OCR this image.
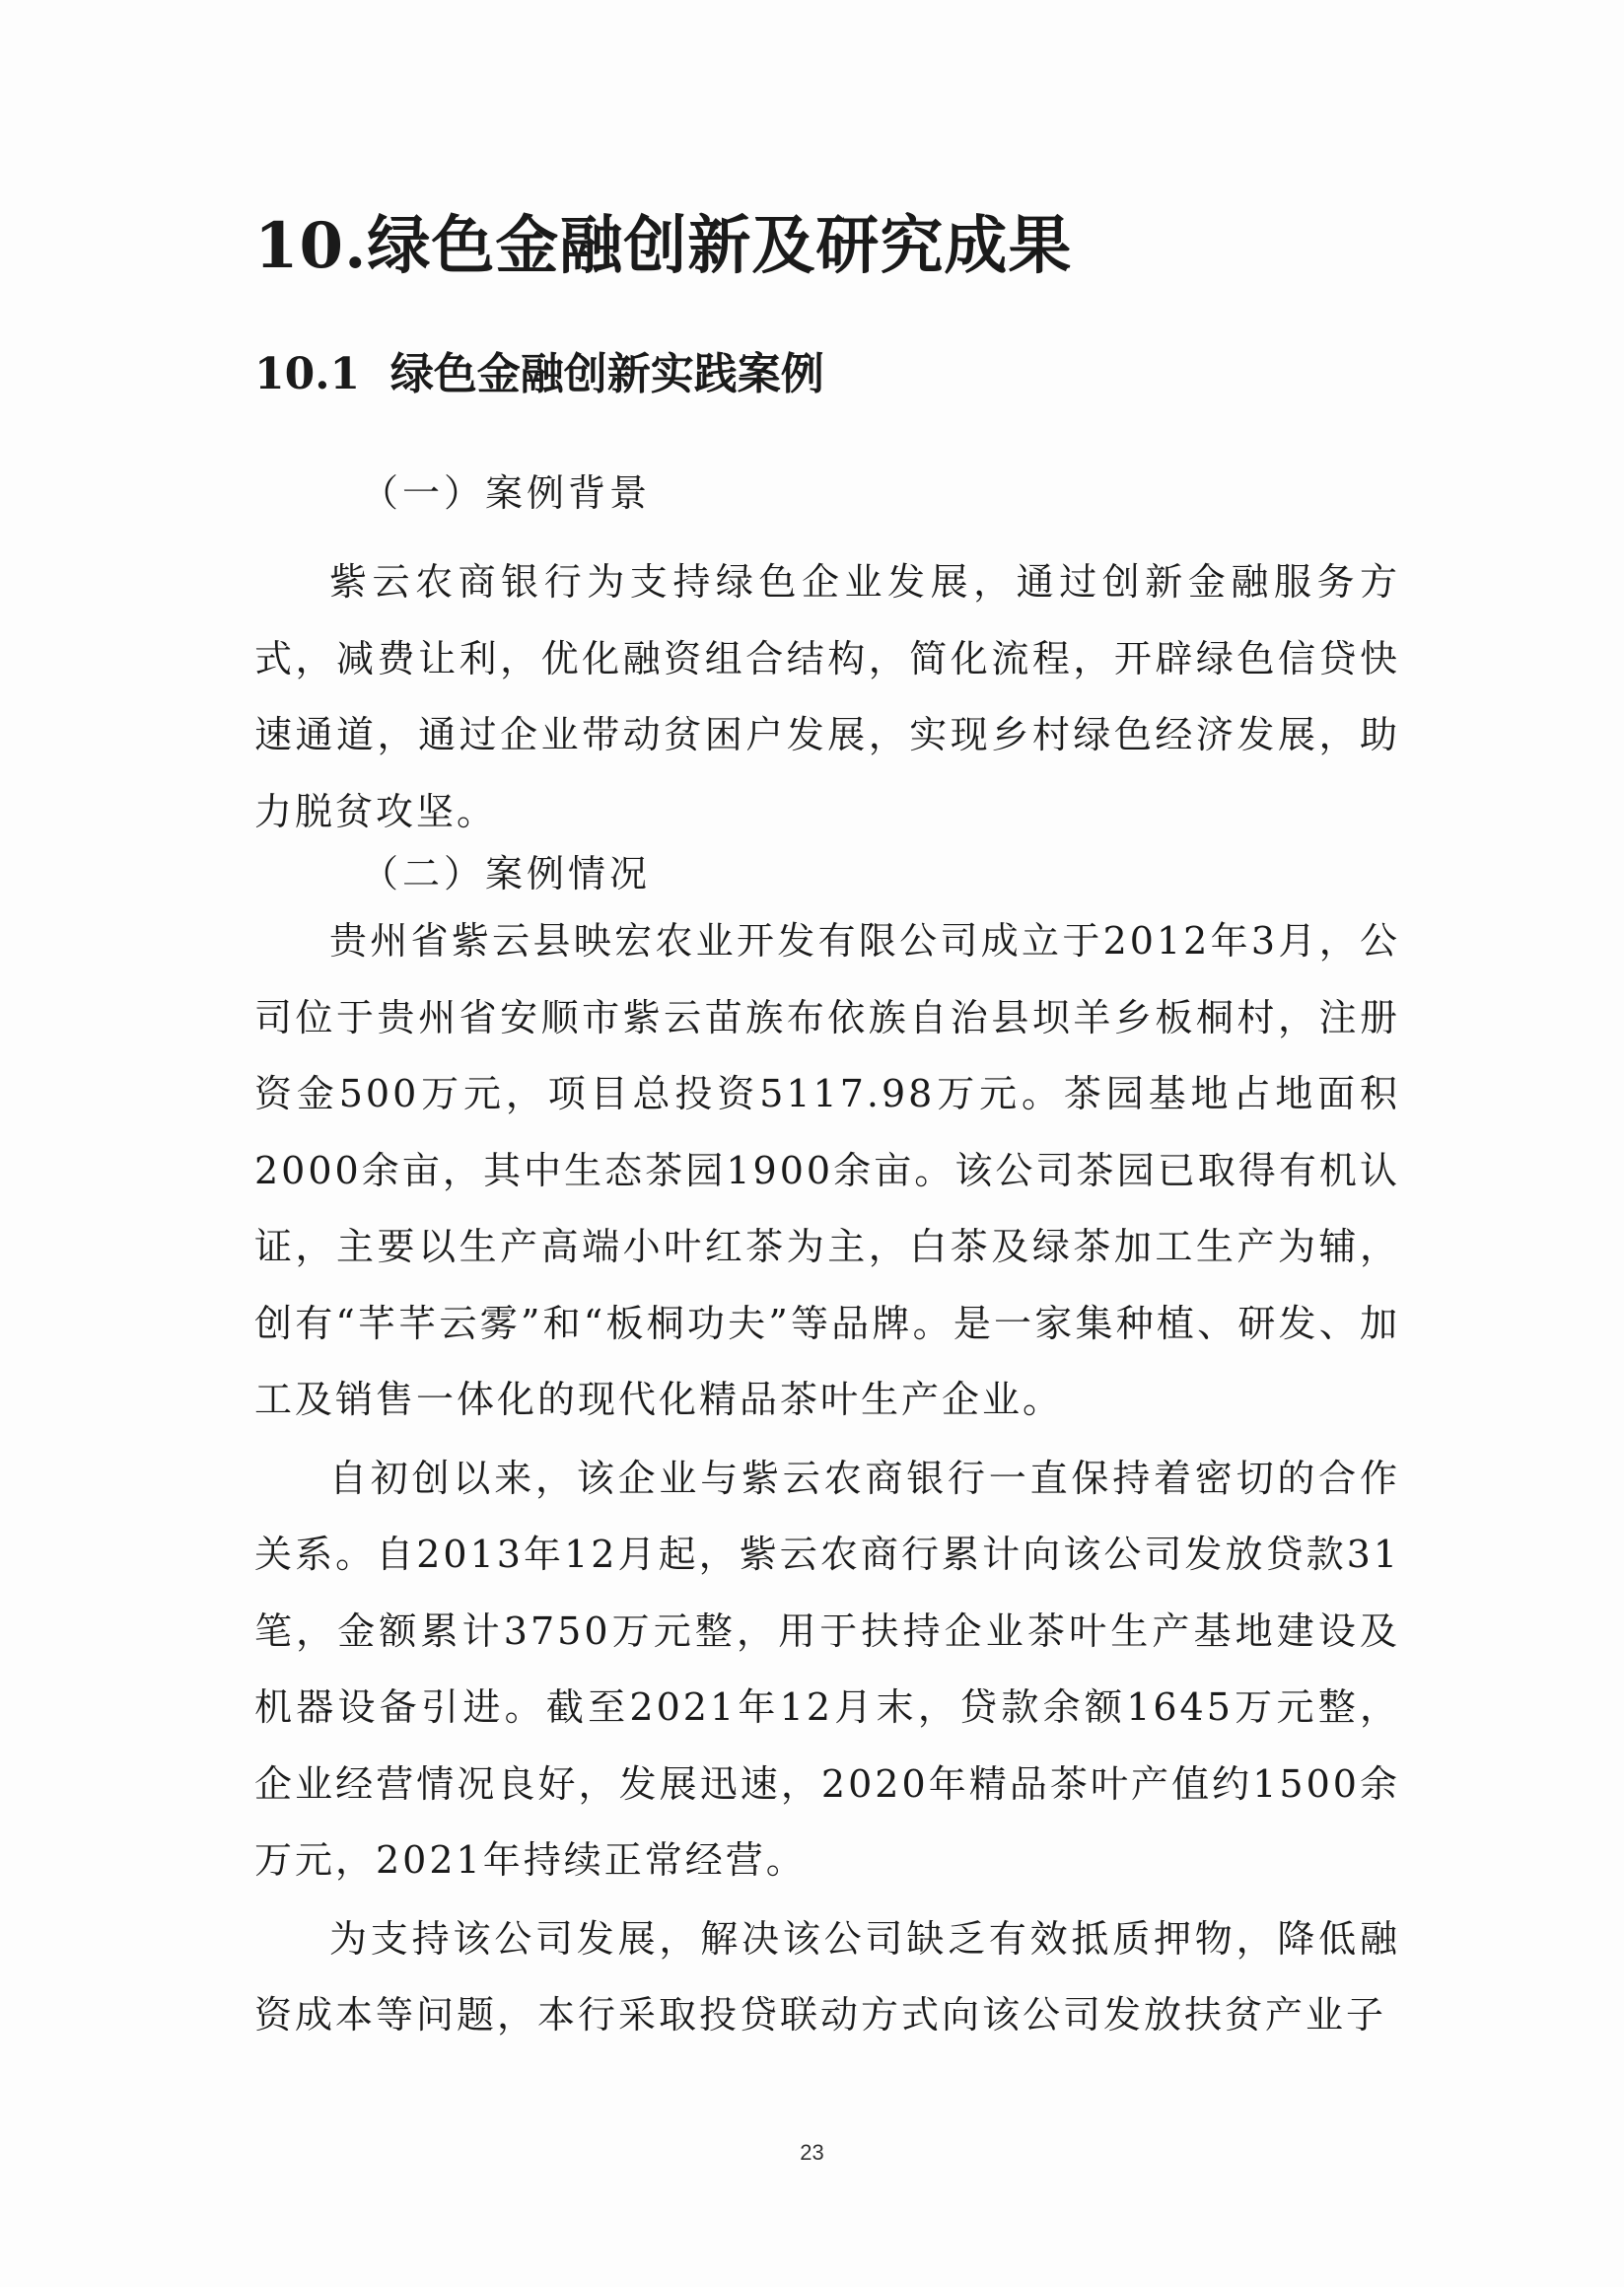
10.绿色金融创新及研究成果
10.1 绿色金融创新实践案例
（一）案例背景

紫云农商银行为支持绿色企业发展，通过创新金融服务方式，减费让利，优化融资组合结构，简化流程，开辟绿色信贷快速通道，通过企业带动贫困户发展，实现乡村绿色经济发展，助力脱贫攻坚。

（二）案例情况

贵州省紫云县映宏农业开发有限公司成立于2012年3月，公司位于贵州省安顺市紫云苗族布依族自治县坝羊乡板桐村，注册资金500万元，项目总投资5117.98万元。茶园基地占地面积2000余亩，其中生态茶园1900余亩。该公司茶园已取得有机认证，主要以生产高端小叶红茶为主，白茶及绿茶加工生产为辅，创有“芊芊云雾”和“板桐功夫”等品牌。是一家集种植、研发、加工及销售一体化的现代化精品茶叶生产企业。

自初创以来，该企业与紫云农商银行一直保持着密切的合作关系。自2013年12月起，紫云农商行累计向该公司发放贷款31笔，金额累计3750万元整，用于扶持企业茶叶生产基地建设及机器设备引进。截至2021年12月末，贷款余额1645万元整，企业经营情况良好，发展迅速，2020年精品茶叶产值约1500余万元，2021年持续正常经营。

为支持该公司发展，解决该公司缺乏有效抵质押物，降低融资成本等问题，本行采取投贷联动方式向该公司发放扶贫产业子

23
